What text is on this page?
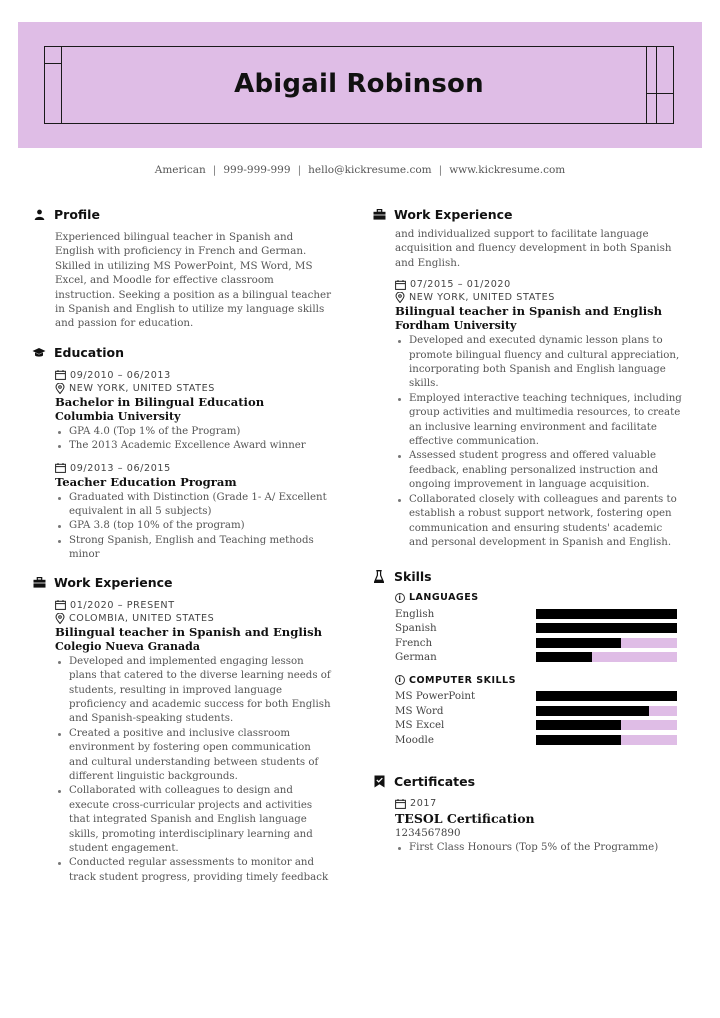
Abigail Robinson
American | 999-999-999 | hello@kickresume.com | www.kickresume.com
Profile

Experienced bilingual teacher in Spanish and English with proficiency in French and German. Skilled in utilizing MS PowerPoint, MS Word, MS Excel, and Moodle for effective classroom instruction. Seeking a position as a bilingual teacher in Spanish and English to utilize my language skills and passion for education.

Education
09/2010 – 06/2013
NEW YORK, UNITED STATES
Bachelor in Bilingual Education
Columbia University
GPA 4.0 (Top 1% of the Program)
The 2013 Academic Excellence Award winner
09/2013 – 06/2015
Teacher Education Program
Graduated with Distinction (Grade 1- A/ Excellent equivalent in all 5 subjects)
GPA 3.8 (top 10% of the program)
Strong Spanish, English and Teaching methods minor
Work Experience
01/2020 – PRESENT
COLOMBIA, UNITED STATES
Bilingual teacher in Spanish and English
Colegio Nueva Granada
Developed and implemented engaging lesson plans that catered to the diverse learning needs of students, resulting in improved language proficiency and academic success for both English and Spanish-speaking students.
Created a positive and inclusive classroom environment by fostering open communication and cultural understanding between students of different linguistic backgrounds.
Collaborated with colleagues to design and execute cross-curricular projects and activities that integrated Spanish and English language skills, promoting interdisciplinary learning and student engagement.
Conducted regular assessments to monitor and track student progress, providing timely feedback
Work Experience

and individualized support to facilitate language acquisition and fluency development in both Spanish and English.

07/2015 – 01/2020
NEW YORK, UNITED STATES
Bilingual teacher in Spanish and English
Fordham University
Developed and executed dynamic lesson plans to promote bilingual fluency and cultural appreciation, incorporating both Spanish and English language skills.
Employed interactive teaching techniques, including group activities and multimedia resources, to create an inclusive learning environment and facilitate effective communication.
Assessed student progress and offered valuable feedback, enabling personalized instruction and ongoing improvement in language acquisition.
Collaborated closely with colleagues and parents to establish a robust support network, fostering open communication and ensuring students' academic and personal development in Spanish and English.
Skills
i LANGUAGES
English
Spanish
French
German
i COMPUTER SKILLS
MS PowerPoint
MS Word
MS Excel
Moodle
Certificates
2017
TESOL Certification
1234567890
First Class Honours (Top 5% of the Programme)
